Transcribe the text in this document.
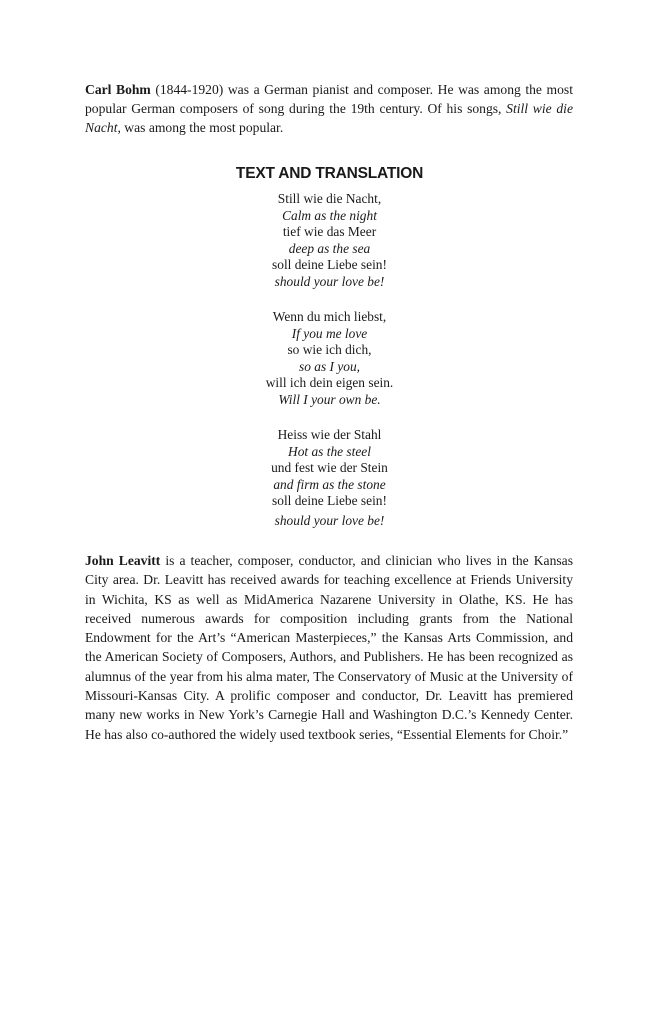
Carl Bohm (1844-1920) was a German pianist and composer. He was among the most popular German composers of song during the 19th century. Of his songs, Still wie die Nacht, was among the most popular.

TEXT AND TRANSLATION
Still wie die Nacht,
Calm as the night
tief wie das Meer
deep as the sea
soll deine Liebe sein!
should your love be!
Wenn du mich liebst,
If you me love
so wie ich dich,
so as I you,
will ich dein eigen sein.
Will I your own be.
Heiss wie der Stahl
Hot as the steel
und fest wie der Stein
and firm as the stone
soll deine Liebe sein!
should your love be!

John Leavitt is a teacher, composer, conductor, and clinician who lives in the Kansas City area. Dr. Leavitt has received awards for teaching excellence at Friends University in Wichita, KS as well as MidAmerica Nazarene University in Olathe, KS. He has received numerous awards for composition including grants from the National Endowment for the Art’s “American Masterpieces,” the Kansas Arts Commission, and the American Society of Composers, Authors, and Publishers. He has been recognized as alumnus of the year from his alma mater, The Conservatory of Music at the University of Missouri-Kansas City. A prolific composer and conductor, Dr. Leavitt has premiered many new works in New York’s Carnegie Hall and Washington D.C.’s Kennedy Center. He has also co-authored the widely used textbook series, “Essential Elements for Choir.”
